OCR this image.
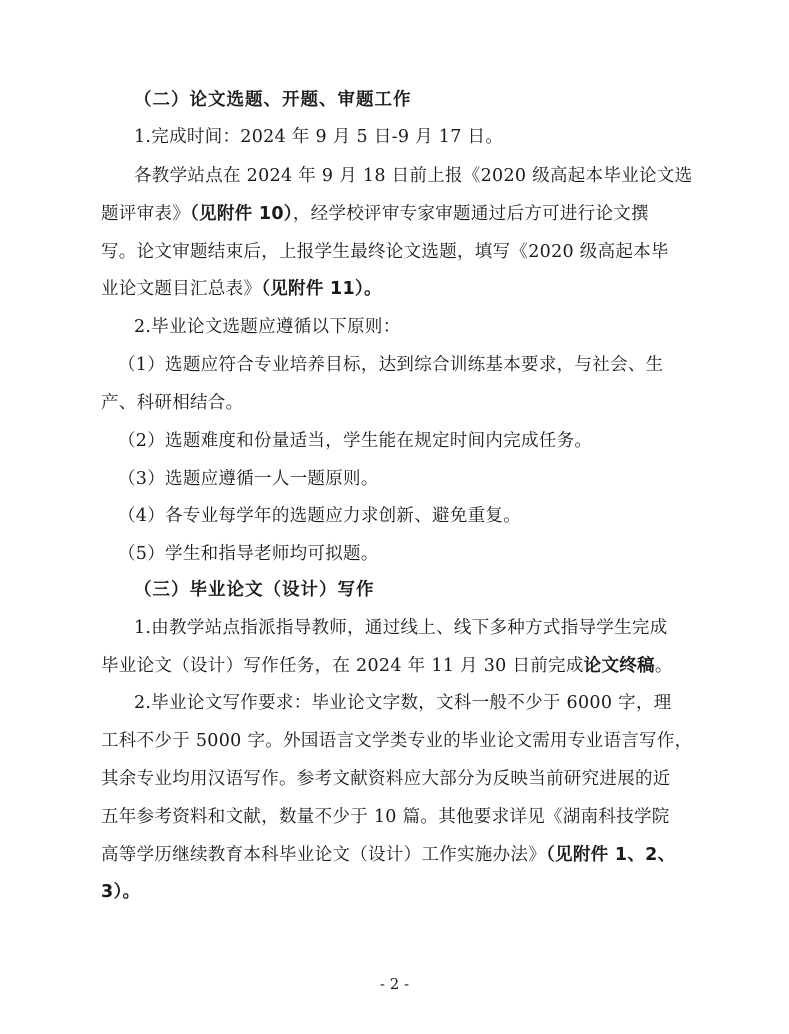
（二）论文选题、开题、审题工作
1.完成时间：2024 年 9 月 5 日-9 月 17 日。
各教学站点在 2024 年 9 月 18 日前上报《2020 级高起本毕业论文选
题评审表》（见附件 10），经学校评审专家审题通过后方可进行论文撰
写。论文审题结束后，上报学生最终论文选题，填写《2020 级高起本毕
业论文题目汇总表》（见附件 11）。
2.毕业论文选题应遵循以下原则：
（1）选题应符合专业培养目标，达到综合训练基本要求，与社会、生
产、科研相结合。
（2）选题难度和份量适当，学生能在规定时间内完成任务。
（3）选题应遵循一人一题原则。
（4）各专业每学年的选题应力求创新、避免重复。
（5）学生和指导老师均可拟题。
（三）毕业论文（设计）写作
1.由教学站点指派指导教师，通过线上、线下多种方式指导学生完成
毕业论文（设计）写作任务，在 2024 年 11 月 30 日前完成论文终稿。
2.毕业论文写作要求：毕业论文字数，文科一般不少于 6000 字，理
工科不少于 5000 字。外国语言文学类专业的毕业论文需用专业语言写作，
其余专业均用汉语写作。参考文献资料应大部分为反映当前研究进展的近
五年参考资料和文献，数量不少于 10 篇。其他要求详见《湖南科技学院
高等学历继续教育本科毕业论文（设计）工作实施办法》（见附件 1、2、
3）。
- 2 -
